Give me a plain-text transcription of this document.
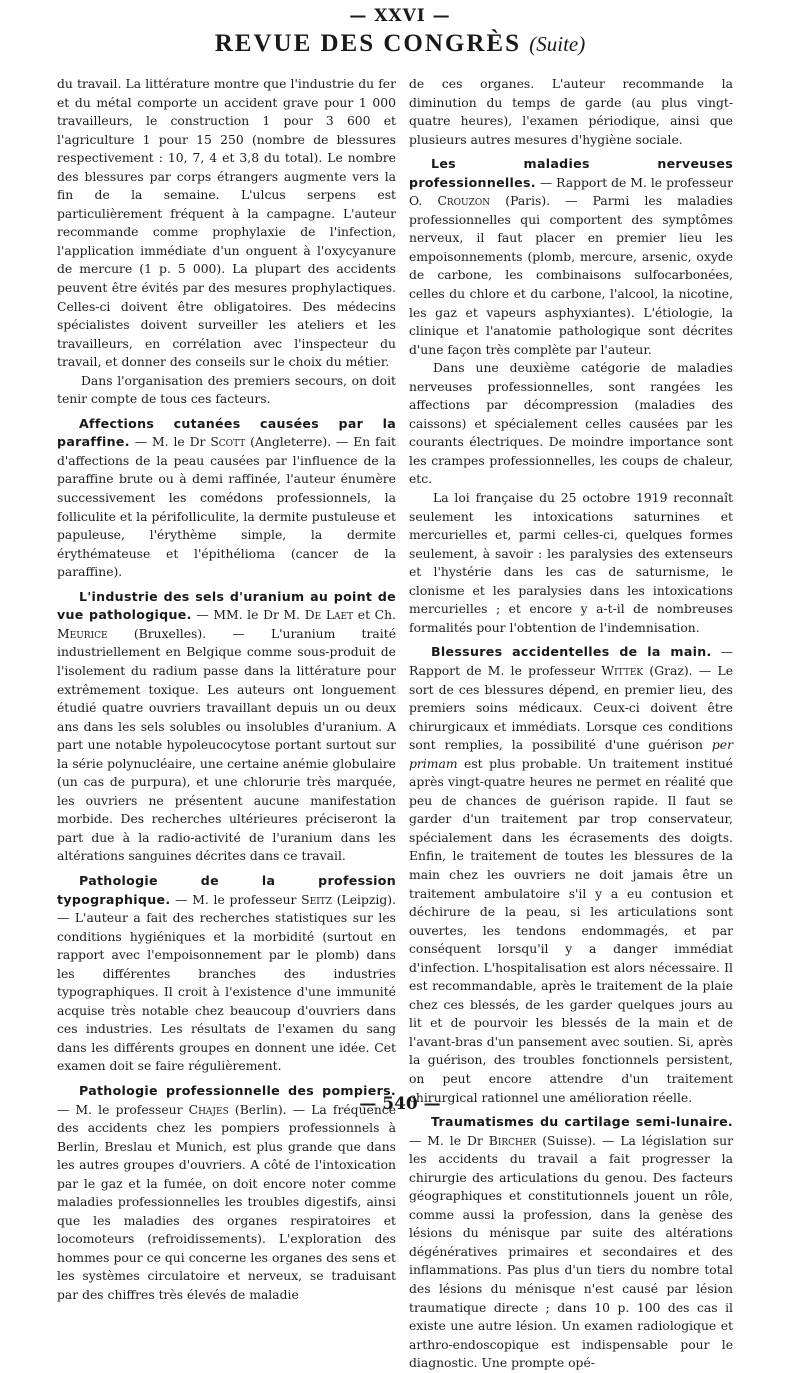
— XXVI —
REVUE DES CONGRÈS (Suite)

du travail. La littérature montre que l'industrie du fer et du métal comporte un accident grave pour 1 000 travailleurs, le construction 1 pour 3 600 et l'agriculture 1 pour 15 250 (nombre de blessures respectivement : 10, 7, 4 et 3,8 du total). Le nombre des blessures par corps étrangers augmente vers la fin de la semaine. L'ulcus serpens est particulièrement fréquent à la campagne. L'auteur recommande comme prophylaxie de l'infection, l'application immédiate d'un onguent à l'oxycyanure de mercure (1 p. 5 000). La plupart des accidents peuvent être évités par des mesures prophylactiques. Celles-ci doivent être obligatoires. Des médecins spécialistes doivent surveiller les ateliers et les travailleurs, en corrélation avec l'inspecteur du travail, et donner des conseils sur le choix du métier.

Dans l'organisation des premiers secours, on doit tenir compte de tous ces facteurs.

Affections cutanées causées par la paraffine. — M. le Dr Scott (Angleterre). — En fait d'affections de la peau causées par l'influence de la paraffine brute ou à demi raffinée, l'auteur énumère successivement les comédons professionnels, la folliculite et la périfolliculite, la dermite pustuleuse et papuleuse, l'érythème simple, la dermite érythémateuse et l'épithélioma (cancer de la paraffine).

L'industrie des sels d'uranium au point de vue pathologique. — MM. le Dr M. De Laet et Ch. Meurice (Bruxelles). — L'uranium traité industriellement en Belgique comme sous-produit de l'isolement du radium passe dans la littérature pour extrêmement toxique. Les auteurs ont longuement étudié quatre ouvriers travaillant depuis un ou deux ans dans les sels solubles ou insolubles d'uranium. A part une notable hypoleucocytose portant surtout sur la série polynucléaire, une certaine anémie globulaire (un cas de purpura), et une chlorurie très marquée, les ouvriers ne présentent aucune manifestation morbide. Des recherches ultérieures préciseront la part due à la radio-activité de l'uranium dans les altérations sanguines décrites dans ce travail.

Pathologie de la profession typographique. — M. le professeur Seitz (Leipzig). — L'auteur a fait des recherches statistiques sur les conditions hygiéniques et la morbidité (surtout en rapport avec l'empoisonnement par le plomb) dans les différentes branches des industries typographiques. Il croit à l'existence d'une immunité acquise très notable chez beaucoup d'ouvriers dans ces industries. Les résultats de l'examen du sang dans les différents groupes en donnent une idée. Cet examen doit se faire régulièrement.

Pathologie professionnelle des pompiers. — M. le professeur Chajes (Berlin). — La fréquence des accidents chez les pompiers professionnels à Berlin, Breslau et Munich, est plus grande que dans les autres groupes d'ouvriers. A côté de l'intoxication par le gaz et la fumée, on doit encore noter comme maladies professionnelles les troubles digestifs, ainsi que les maladies des organes respiratoires et locomoteurs (refroidissements). L'exploration des hommes pour ce qui concerne les organes des sens et les systèmes circulatoire et nerveux, se traduisant par des chiffres très élevés de maladie

de ces organes. L'auteur recommande la diminution du temps de garde (au plus vingt-quatre heures), l'examen périodique, ainsi que plusieurs autres mesures d'hygiène sociale.

Les maladies nerveuses professionnelles. — Rapport de M. le professeur O. Crouzon (Paris). — Parmi les maladies professionnelles qui comportent des symptômes nerveux, il faut placer en premier lieu les empoisonnements (plomb, mercure, arsenic, oxyde de carbone, les combinaisons sulfocarbonées, celles du chlore et du carbone, l'alcool, la nicotine, les gaz et vapeurs asphyxiantes). L'étiologie, la clinique et l'anatomie pathologique sont décrites d'une façon très complète par l'auteur.

Dans une deuxième catégorie de maladies nerveuses professionnelles, sont rangées les affections par décompression (maladies des caissons) et spécialement celles causées par les courants électriques. De moindre importance sont les crampes professionnelles, les coups de chaleur, etc.

La loi française du 25 octobre 1919 reconnaît seulement les intoxications saturnines et mercurielles et, parmi celles-ci, quelques formes seulement, à savoir : les paralysies des extenseurs et l'hystérie dans les cas de saturnisme, le clonisme et les paralysies dans les intoxications mercurielles ; et encore y a-t-il de nombreuses formalités pour l'obtention de l'indemnisation.

Blessures accidentelles de la main. — Rapport de M. le professeur Wittek (Graz). — Le sort de ces blessures dépend, en premier lieu, des premiers soins médicaux. Ceux-ci doivent être chirurgicaux et immédiats. Lorsque ces conditions sont remplies, la possibilité d'une guérison per primam est plus probable. Un traitement institué après vingt-quatre heures ne permet en réalité que peu de chances de guérison rapide. Il faut se garder d'un traitement par trop conservateur, spécialement dans les écrasements des doigts. Enfin, le traitement de toutes les blessures de la main chez les ouvriers ne doit jamais être un traitement ambulatoire s'il y a eu contusion et déchirure de la peau, si les articulations sont ouvertes, les tendons endommagés, et par conséquent lorsqu'il y a danger immédiat d'infection. L'hospitalisation est alors nécessaire. Il est recommandable, après le traitement de la plaie chez ces blessés, de les garder quelques jours au lit et de pourvoir les blessés de la main et de l'avant-bras d'un pansement avec soutien. Si, après la guérison, des troubles fonctionnels persistent, on peut encore attendre d'un traitement chirurgical rationnel une amélioration réelle.

Traumatismes du cartilage semi-lunaire. — M. le Dr Bircher (Suisse). — La législation sur les accidents du travail a fait progresser la chirurgie des articulations du genou. Des facteurs géographiques et constitutionnels jouent un rôle, comme aussi la profession, dans la genèse des lésions du ménisque par suite des altérations dégénératives primaires et secondaires et des inflammations. Pas plus d'un tiers du nombre total des lésions du ménisque n'est causé par lésion traumatique directe ; dans 10 p. 100 des cas il existe une autre lésion. Un examen radiologique et arthro-endoscopique est indispensable pour le diagnostic. Une prompte opé-

— 540 —
